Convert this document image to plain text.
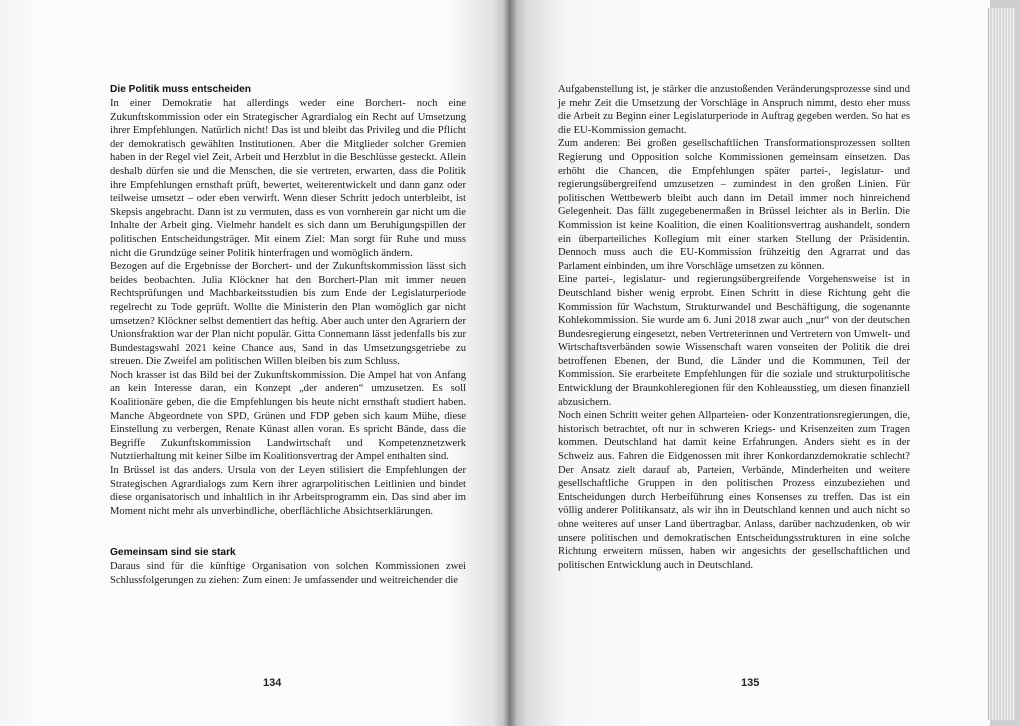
Die Politik muss entscheiden

In einer Demokratie hat allerdings weder eine Borchert- noch eine Zukunftskommission oder ein Strategischer Agrardialog ein Recht auf Umsetzung ihrer Empfehlungen. Natürlich nicht! Das ist und bleibt das Privileg und die Pflicht der demokratisch gewählten Institutionen. Aber die Mitglieder solcher Gremien haben in der Regel viel Zeit, Arbeit und Herzblut in die Beschlüsse gesteckt. Allein deshalb dürfen sie und die Menschen, die sie vertreten, erwarten, dass die Politik ihre Empfehlungen ernsthaft prüft, bewertet, weiterentwickelt und dann ganz oder teilweise umsetzt – oder eben verwirft. Wenn dieser Schritt jedoch unterbleibt, ist Skepsis angebracht. Dann ist zu vermuten, dass es von vornherein gar nicht um die Inhalte der Arbeit ging. Vielmehr handelt es sich dann um Beruhigungspillen der politischen Entscheidungsträger. Mit einem Ziel: Man sorgt für Ruhe und muss nicht die Grundzüge seiner Politik hinterfragen und womöglich ändern.

Bezogen auf die Ergebnisse der Borchert- und der Zukunftskommission lässt sich beides beobachten. Julia Klöckner hat den Borchert-Plan mit immer neuen Rechtsprüfungen und Machbarkeitsstudien bis zum Ende der Legislaturperiode regelrecht zu Tode geprüft. Wollte die Ministerin den Plan womöglich gar nicht umsetzen? Klöckner selbst dementiert das heftig. Aber auch unter den Agrariern der Unionsfraktion war der Plan nicht populär. Gitta Connemann lässt jedenfalls bis zur Bundestagswahl 2021 keine Chance aus, Sand in das Umsetzungsgetriebe zu streuen. Die Zweifel am politischen Willen bleiben bis zum Schluss.

Noch krasser ist das Bild bei der Zukunftskommission. Die Ampel hat von Anfang an kein Interesse daran, ein Konzept „der anderen“ umzusetzen. Es soll Koalitionäre geben, die die Empfehlungen bis heute nicht ernsthaft studiert haben. Manche Abgeordnete von SPD, Grünen und FDP geben sich kaum Mühe, diese Einstellung zu verbergen, Renate Künast allen voran. Es spricht Bände, dass die Begriffe Zukunftskommission Landwirtschaft und Kompetenznetzwerk Nutztierhaltung mit keiner Silbe im Koalitionsvertrag der Ampel enthalten sind.

In Brüssel ist das anders. Ursula von der Leyen stilisiert die Empfehlungen der Strategischen Agrardialogs zum Kern ihrer agrarpolitischen Leitlinien und bindet diese organisatorisch und inhaltlich in ihr Arbeitsprogramm ein. Das sind aber im Moment nicht mehr als unverbindliche, oberflächliche Absichtserklärungen.

Gemeinsam sind sie stark

Daraus sind für die künftige Organisation von solchen Kommissionen zwei Schlussfolgerungen zu ziehen: Zum einen: Je umfassender und weitreichender die

134

Aufgabenstellung ist, je stärker die anzustoßenden Veränderungsprozesse sind und je mehr Zeit die Umsetzung der Vorschläge in Anspruch nimmt, desto eher muss die Arbeit zu Beginn einer Legislaturperiode in Auftrag gegeben werden. So hat es die EU-Kommission gemacht.

Zum anderen: Bei großen gesellschaftlichen Transformationsprozessen sollten Regierung und Opposition solche Kommissionen gemeinsam einsetzen. Das erhöht die Chancen, die Empfehlungen später partei-, legislatur- und regierungsübergreifend umzusetzen – zumindest in den großen Linien. Für politischen Wettbewerb bleibt auch dann im Detail immer noch hinreichend Gelegenheit. Das fällt zugegebenermaßen in Brüssel leichter als in Berlin. Die Kommission ist keine Koalition, die einen Koalitionsvertrag aushandelt, sondern ein überparteiliches Kollegium mit einer starken Stellung der Präsidentin. Dennoch muss auch die EU-Kommission frühzeitig den Agrarrat und das Parlament einbinden, um ihre Vorschläge umsetzen zu können.

Eine partei-, legislatur- und regierungsübergreifende Vorgehensweise ist in Deutschland bisher wenig erprobt. Einen Schritt in diese Richtung geht die Kommission für Wachstum, Strukturwandel und Beschäftigung, die sogenannte Kohlekommission. Sie wurde am 6. Juni 2018 zwar auch „nur“ von der deutschen Bundesregierung eingesetzt, neben Vertreterinnen und Vertretern von Umwelt- und Wirtschaftsverbänden sowie Wissenschaft waren vonseiten der Politik die drei betroffenen Ebenen, der Bund, die Länder und die Kommunen, Teil der Kommission. Sie erarbeitete Empfehlungen für die soziale und strukturpolitische Entwicklung der Braunkohleregionen für den Kohleausstieg, um diesen finanziell abzusichern.

Noch einen Schritt weiter gehen Allparteien- oder Konzentrationsregierungen, die, historisch betrachtet, oft nur in schweren Kriegs- und Krisenzeiten zum Tragen kommen. Deutschland hat damit keine Erfahrungen. Anders sieht es in der Schweiz aus. Fahren die Eidgenossen mit ihrer Konkordanzdemokratie schlecht? Der Ansatz zielt darauf ab, Parteien, Verbände, Minderheiten und weitere gesellschaftliche Gruppen in den politischen Prozess einzubeziehen und Entscheidungen durch Herbeiführung eines Konsenses zu treffen. Das ist ein völlig anderer Politikansatz, als wir ihn in Deutschland kennen und auch nicht so ohne weiteres auf unser Land übertragbar. Anlass, darüber nachzudenken, ob wir unsere politischen und demokratischen Entscheidungsstrukturen in eine solche Richtung erweitern müssen, haben wir angesichts der gesellschaftlichen und politischen Entwicklung auch in Deutschland.

135
